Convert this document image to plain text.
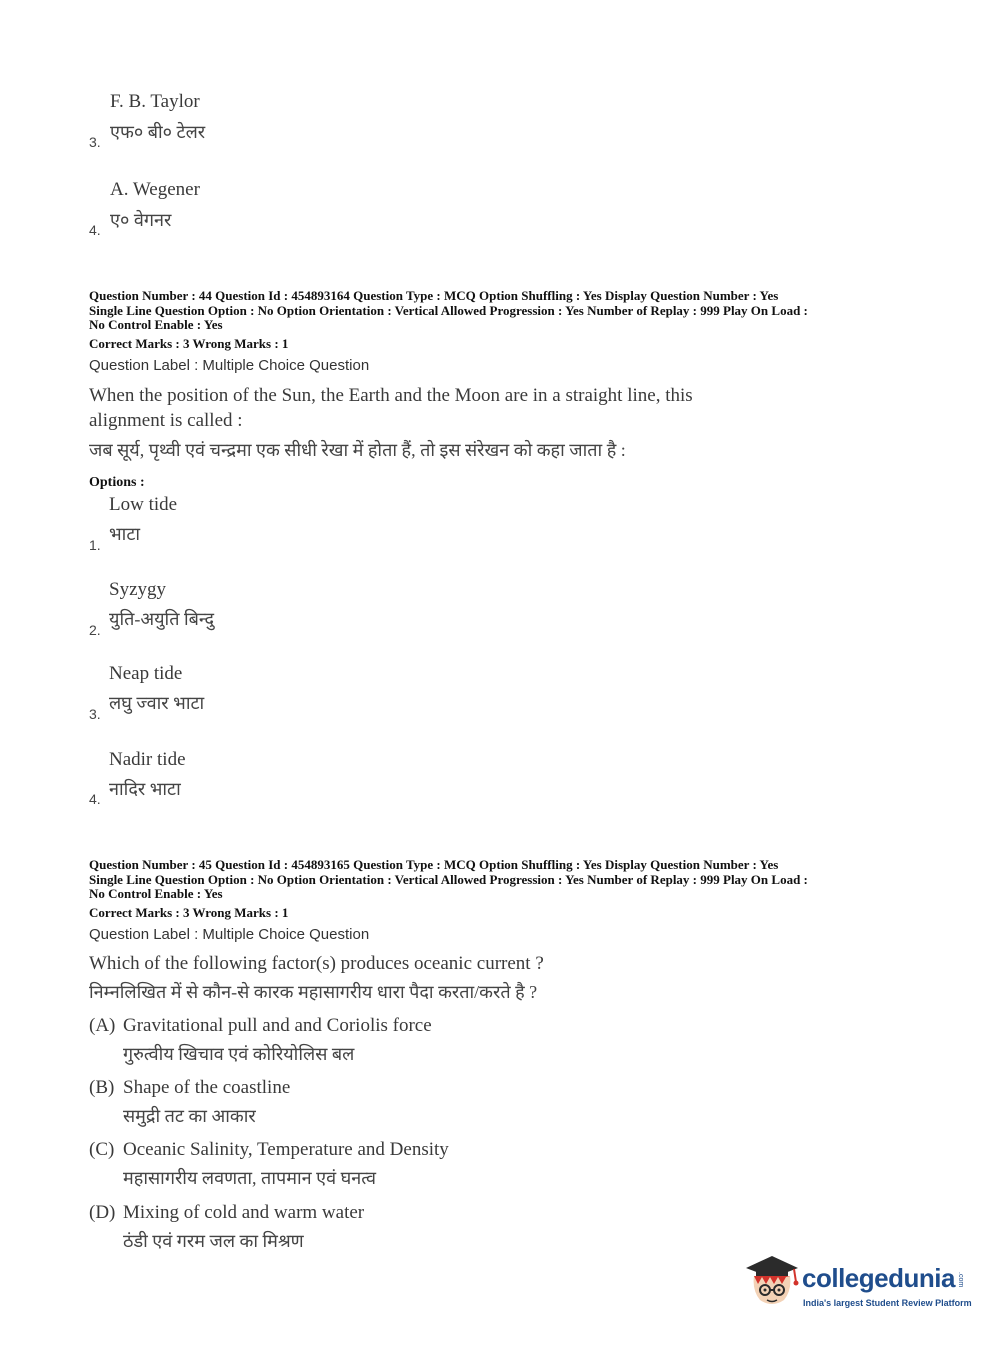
F. B. Taylor
एफ० बी० टेलर
3.
A. Wegener
ए० वेगनर
4.
Question Number : 44 Question Id : 454893164 Question Type : MCQ Option Shuffling : Yes Display Question Number : Yes
Single Line Question Option : No Option Orientation : Vertical Allowed Progression : Yes Number of Replay : 999 Play On Load :
No Control Enable : Yes
Correct Marks : 3 Wrong Marks : 1
Question Label : Multiple Choice Question
When the position of the Sun, the Earth and the Moon are in a straight line, this
alignment is called :
जब सूर्य, पृथ्वी एवं चन्द्रमा एक सीधी रेखा में होता हैं, तो इस संरेखन को कहा जाता है :
Options :
Low tide
भाटा
1.
Syzygy
युति-अयुति बिन्दु
2.
Neap tide
लघु ज्वार भाटा
3.
Nadir tide
नादिर भाटा
4.
Question Number : 45 Question Id : 454893165 Question Type : MCQ Option Shuffling : Yes Display Question Number : Yes
Single Line Question Option : No Option Orientation : Vertical Allowed Progression : Yes Number of Replay : 999 Play On Load :
No Control Enable : Yes
Correct Marks : 3 Wrong Marks : 1
Question Label : Multiple Choice Question
Which of the following factor(s) produces oceanic current ?
निम्नलिखित में से कौन-से कारक महासागरीय धारा पैदा करता/करते है ?
(A) Gravitational pull and and Coriolis force
गुरुत्वीय खिचाव एवं कोरियोलिस बल
(B) Shape of the coastline
समुद्री तट का आकार
(C) Oceanic Salinity, Temperature and Density
महासागरीय लवणता, तापमान एवं घनत्व
(D) Mixing of cold and warm water
ठंडी एवं गरम जल का मिश्रण
collegedunia .com
India's largest Student Review Platform
